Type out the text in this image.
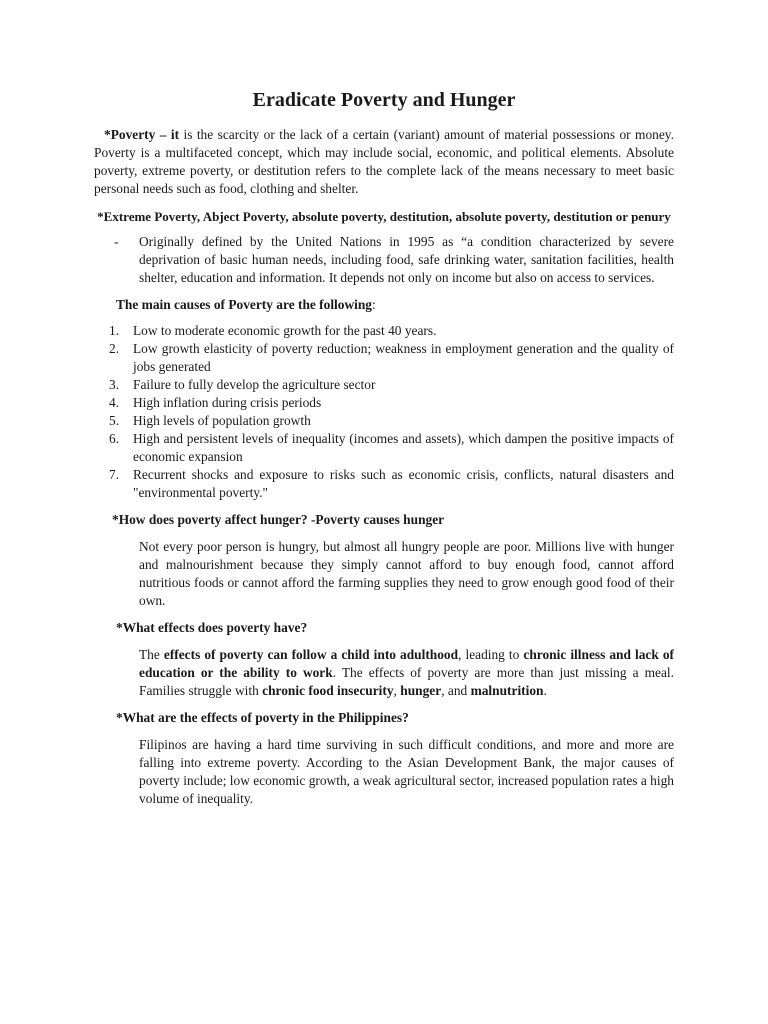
Eradicate Poverty and Hunger

*Poverty – it is the scarcity or the lack of a certain (variant) amount of material possessions or money. Poverty is a multifaceted concept, which may include social, economic, and political elements. Absolute poverty, extreme poverty, or destitution refers to the complete lack of the means necessary to meet basic personal needs such as food, clothing and shelter.

*Extreme Poverty, Abject Poverty, absolute poverty, destitution, absolute poverty, destitution or penury

-	Originally defined by the United Nations in 1995 as “a condition characterized by severe deprivation of basic human needs, including food, safe drinking water, sanitation facilities, health shelter, education and information. It depends not only on income but also on access to services.

The main causes of Poverty are the following:

1.	Low to moderate economic growth for the past 40 years.
2.	Low growth elasticity of poverty reduction; weakness in employment generation and the quality of jobs generated
3.	Failure to fully develop the agriculture sector
4.	High inflation during crisis periods
5.	High levels of population growth
6.	High and persistent levels of inequality (incomes and assets), which dampen the positive impacts of economic expansion
7.	Recurrent shocks and exposure to risks such as economic crisis, conflicts, natural disasters and "environmental poverty."

*How does poverty affect hunger? -Poverty causes hunger

Not every poor person is hungry, but almost all hungry people are poor. Millions live with hunger and malnourishment because they simply cannot afford to buy enough food, cannot afford nutritious foods or cannot afford the farming supplies they need to grow enough good food of their own.

*What effects does poverty have?

The effects of poverty can follow a child into adulthood, leading to chronic illness and lack of education or the ability to work. The effects of poverty are more than just missing a meal. Families struggle with chronic food insecurity, hunger, and malnutrition.

*What are the effects of poverty in the Philippines?

Filipinos are having a hard time surviving in such difficult conditions, and more and more are falling into extreme poverty. According to the Asian Development Bank, the major causes of poverty include; low economic growth, a weak agricultural sector, increased population rates a high volume of inequality.
